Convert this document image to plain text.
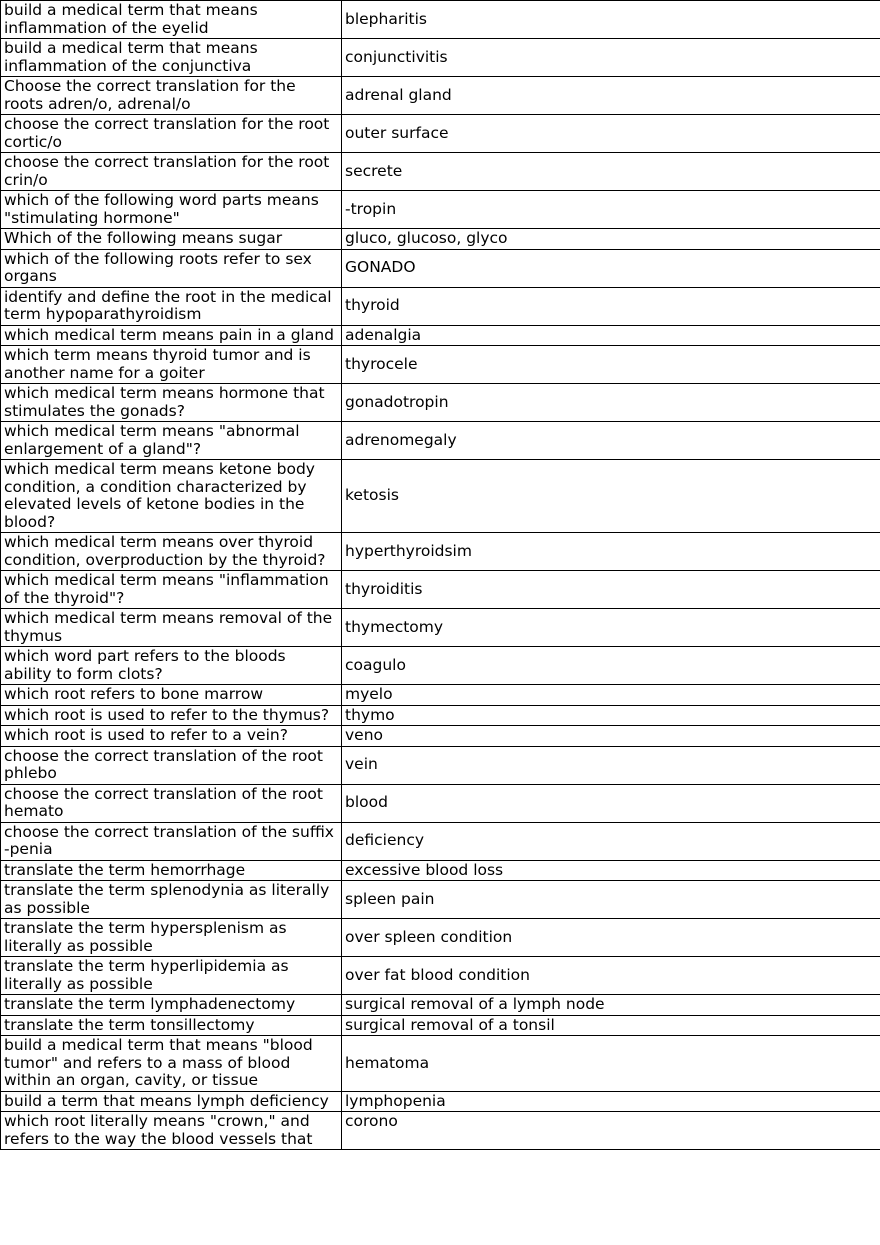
build a medical term that means inflammation of the eyelid	blepharitis
build a medical term that means inflammation of the conjunctiva	conjunctivitis
Choose the correct translation for the roots adren/o, adrenal/o	adrenal gland
choose the correct translation for the root cortic/o	outer surface
choose the correct translation for the root crin/o	secrete
which of the following word parts means "stimulating hormone"	-tropin
Which of the following means sugar	gluco, glucoso, glyco
which of the following roots refer to sex organs	GONADO
identify and define the root in the medical term hypoparathyroidism	thyroid
which medical term means pain in a gland	adenalgia
which term means thyroid tumor and is another name for a goiter	thyrocele
which medical term means hormone that stimulates the gonads?	gonadotropin
which medical term means "abnormal enlargement of a gland"?	adrenomegaly
which medical term means ketone body condition, a condition characterized by elevated levels of ketone bodies in the blood?	ketosis
which medical term means over thyroid condition, overproduction by the thyroid?	hyperthyroidsim
which medical term means "inflammation of the thyroid"?	thyroiditis
which medical term means removal of the thymus	thymectomy
which word part refers to the bloods ability to form clots?	coagulo
which root refers to bone marrow	myelo
which root is used to refer to the thymus?	thymo
which root is used to refer to a vein?	veno
choose the correct translation of the root phlebo	vein
choose the correct translation of the root hemato	blood
choose the correct translation of the suffix -penia	deficiency
translate the term hemorrhage	excessive blood loss
translate the term splenodynia as literally as possible	spleen pain
translate the term hypersplenism as literally as possible	over spleen condition
translate the term hyperlipidemia as literally as possible	over fat blood condition
translate the term lymphadenectomy	surgical removal of a lymph node
translate the term tonsillectomy	surgical removal of a tonsil
build a medical term that means "blood tumor" and refers to a mass of blood within an organ, cavity, or tissue	hematoma
build a term that means lymph deficiency	lymphopenia
which root literally means "crown," and refers to the way the blood vessels that	corono
